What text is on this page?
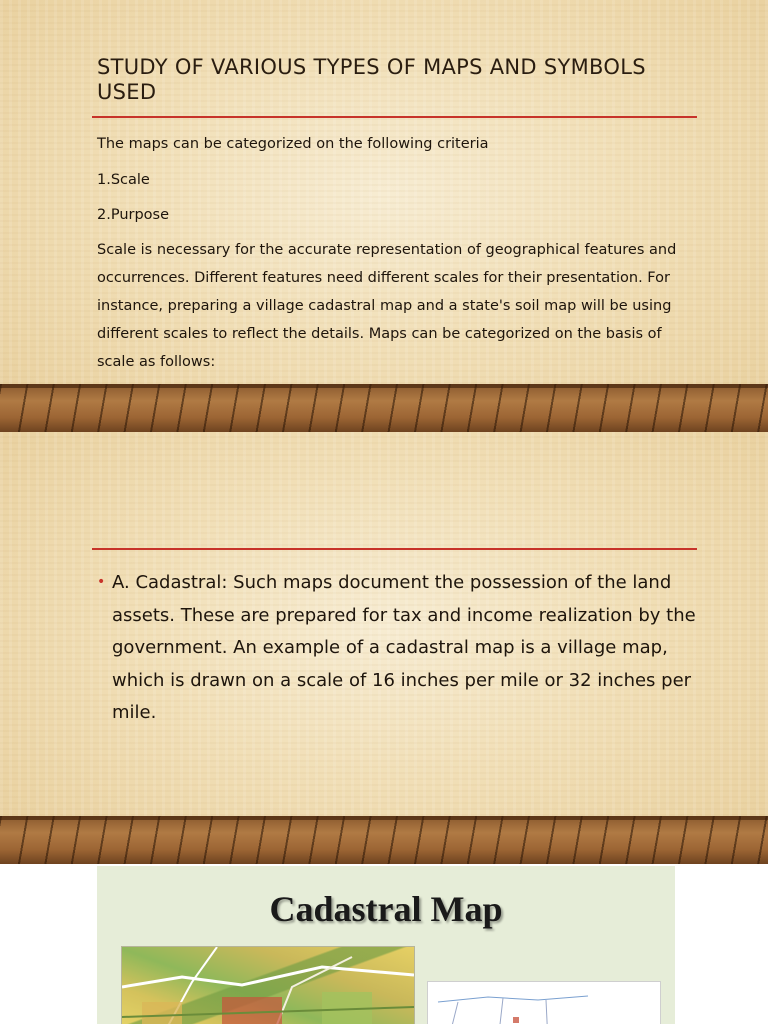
STUDY OF VARIOUS TYPES OF MAPS AND SYMBOLS USED
The maps can be categorized on the following criteria
1.Scale
2.Purpose
Scale is necessary for the accurate representation of geographical features and occurrences. Different features need different scales for their presentation. For instance, preparing a village cadastral map and a state's soil map will be using different scales to reflect the details. Maps can be categorized on the basis of scale as follows:
• A. Cadastral: Such maps document the possession of the land assets. These are prepared for tax and income realization by the government. An example of a cadastral map is a village map, which is drawn on a scale of 16 inches per mile or 32 inches per mile.
Cadastral Map
